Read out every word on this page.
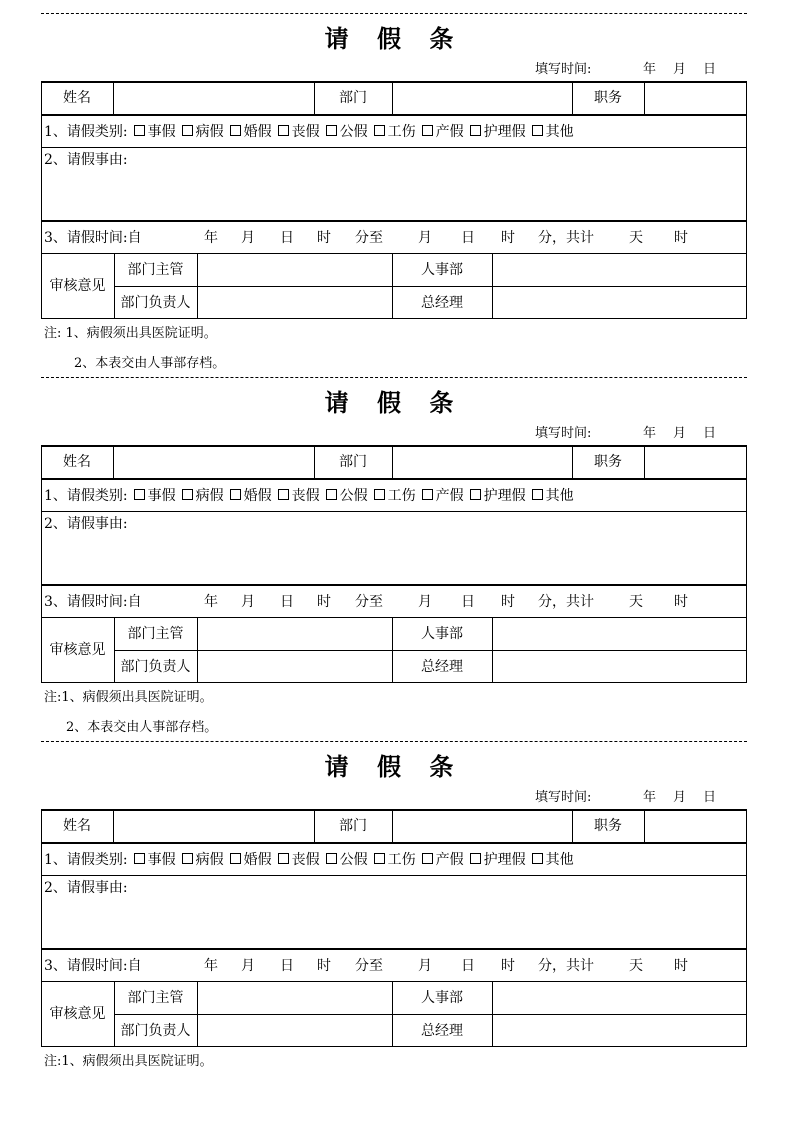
请 假 条
填写时间:	年 月 日
姓名	部门	职务
1、请假类别: 事假 病假 婚假 丧假 公假 工伤 产假 护理假 其他
2、请假事由:
3、请假时间:自	年 月 日 时 分至	月 日 时 分，共计	天 时
审核意见
部门主管	人事部
部门负责人	总经理
注: 1、病假须出具医院证明。
2、本表交由人事部存档。
请 假 条
填写时间:	年 月 日
姓名	部门	职务
1、请假类别: 事假 病假 婚假 丧假 公假 工伤 产假 护理假 其他
2、请假事由:
3、请假时间:自	年 月 日 时 分至	月 日 时 分，共计	天 时
审核意见
部门主管	人事部
部门负责人	总经理
注:1、病假须出具医院证明。
2、本表交由人事部存档。
请 假 条
填写时间:	年 月 日
姓名	部门	职务
1、请假类别: 事假 病假 婚假 丧假 公假 工伤 产假 护理假 其他
2、请假事由:
3、请假时间:自	年 月 日 时 分至	月 日 时 分，共计	天 时
审核意见
部门主管	人事部
部门负责人	总经理
注:1、病假须出具医院证明。
